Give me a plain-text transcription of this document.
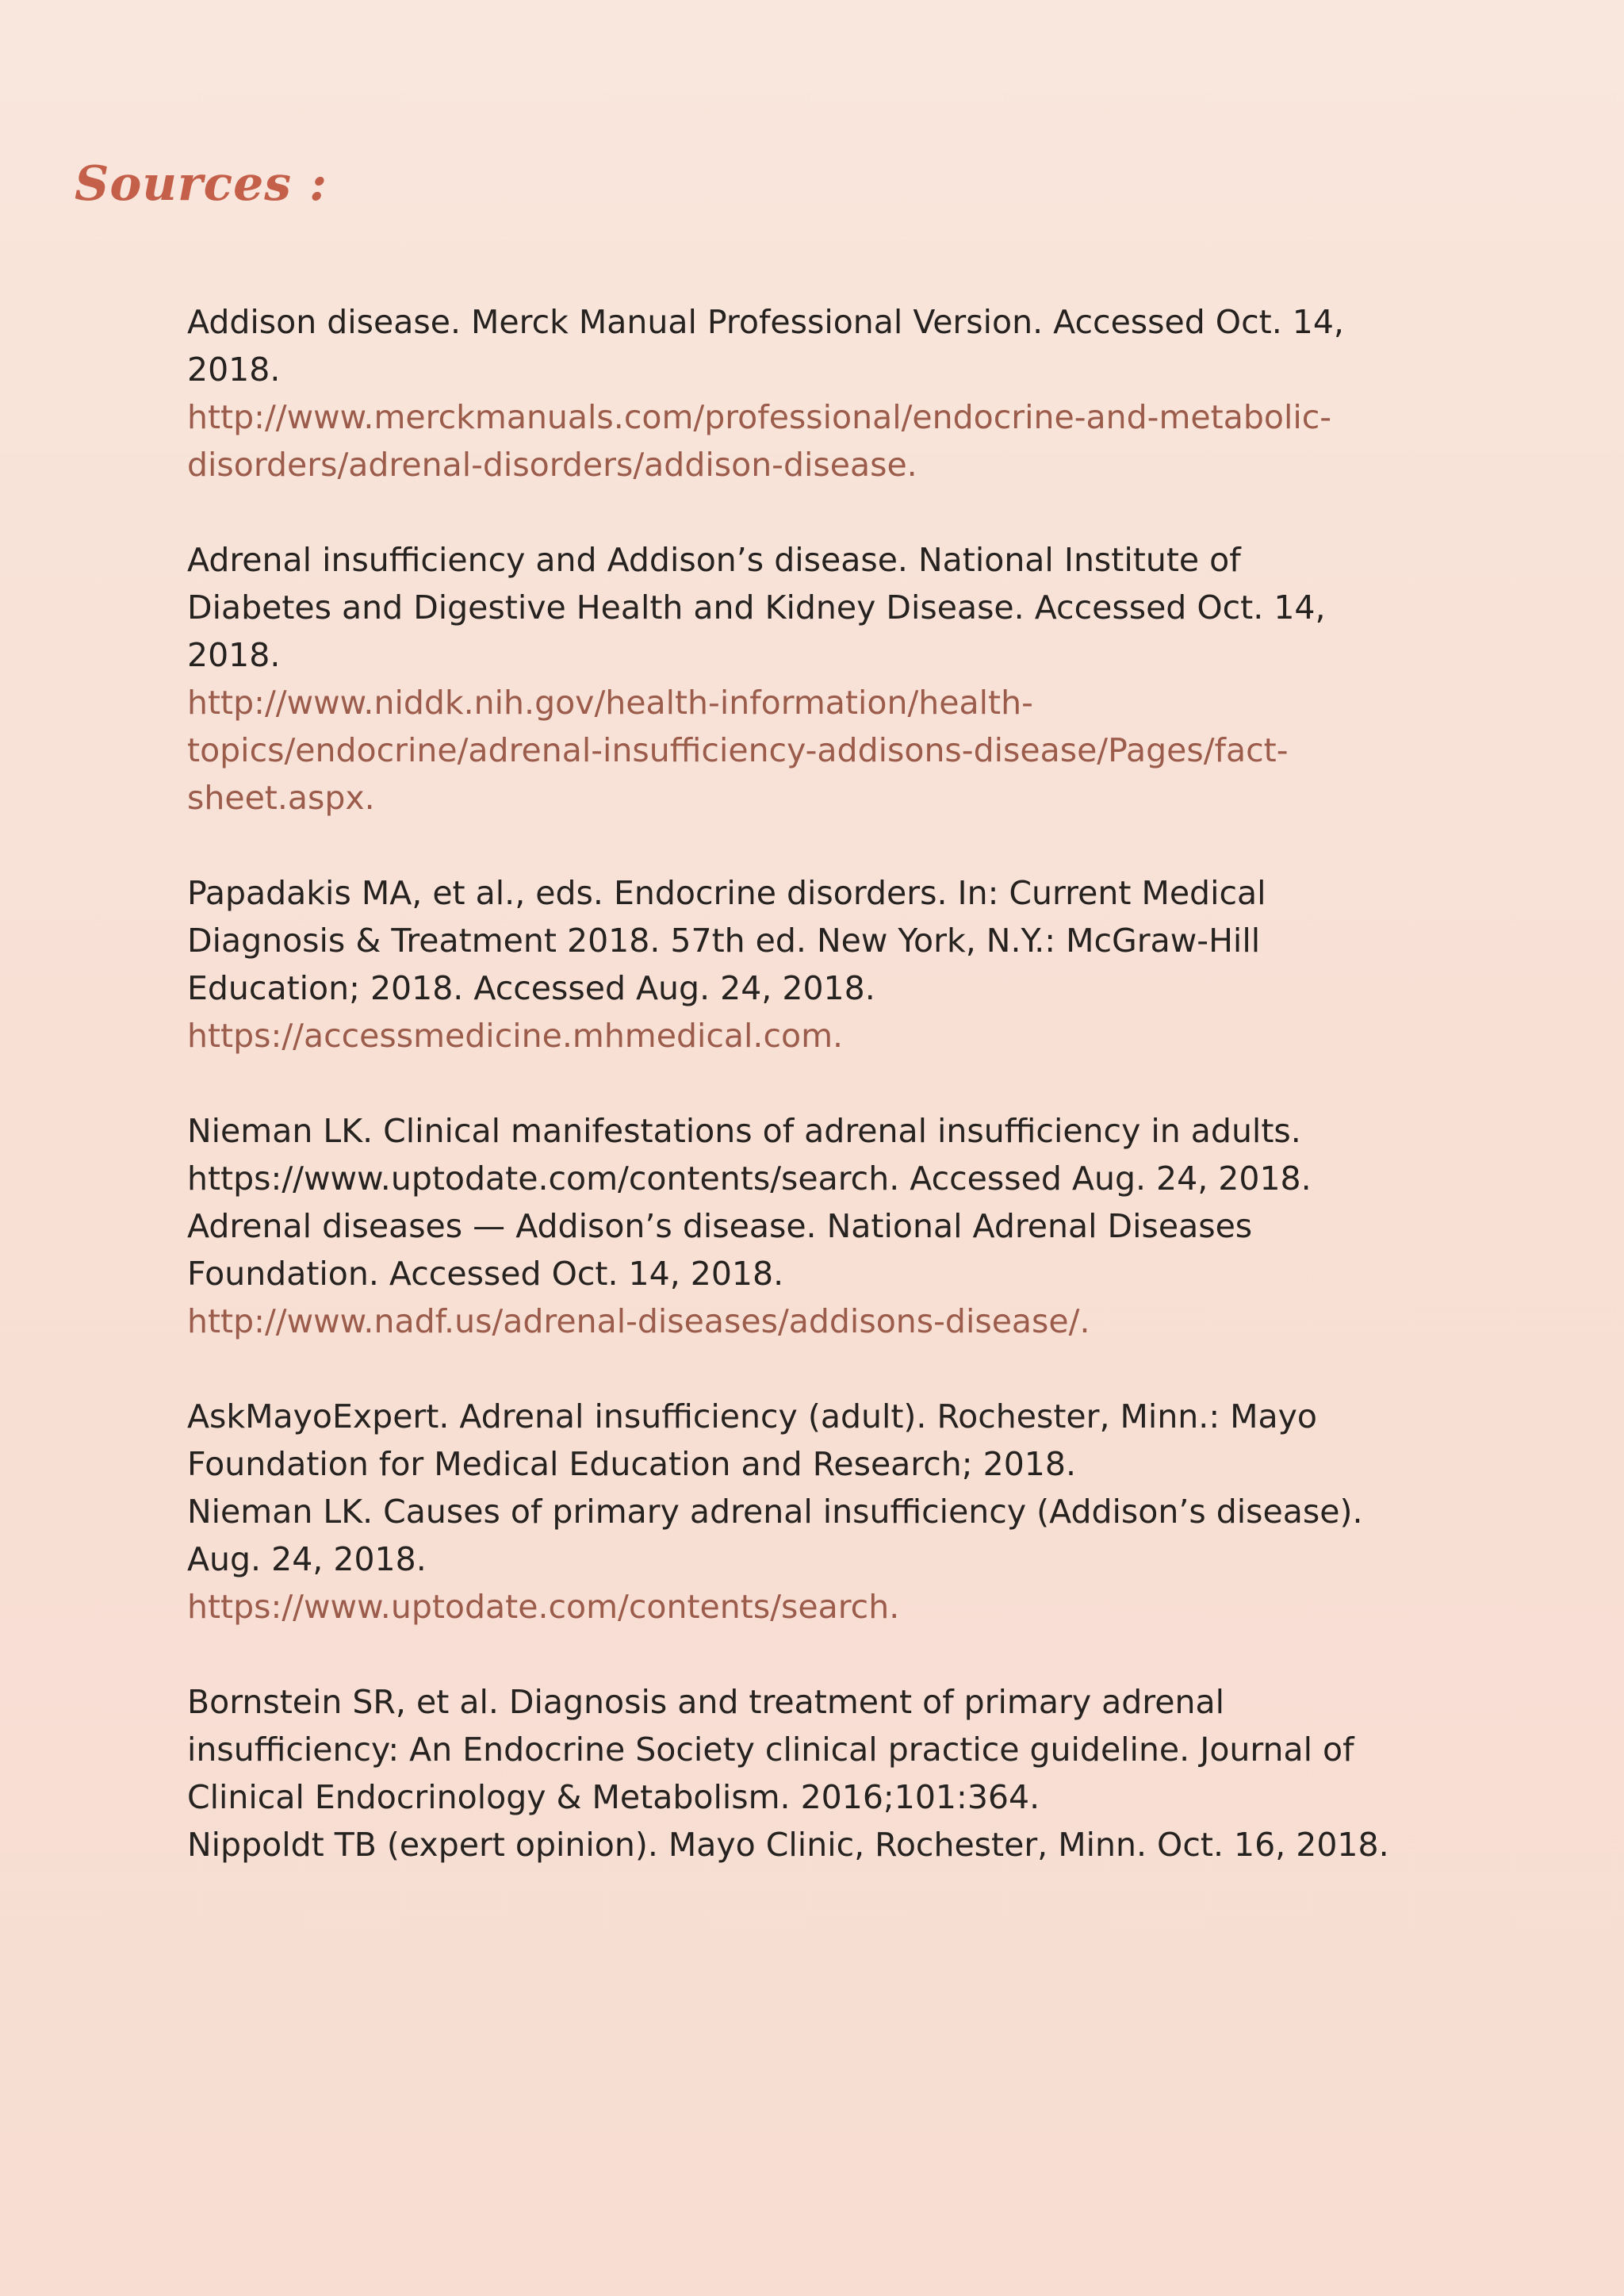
Sources :
Addison disease. Merck Manual Professional Version. Accessed Oct. 14,
2018.
http://www.merckmanuals.com/professional/endocrine-and-metabolic-
disorders/adrenal-disorders/addison-disease.
Adrenal insufficiency and Addison’s disease. National Institute of
Diabetes and Digestive Health and Kidney Disease. Accessed Oct. 14,
2018.
http://www.niddk.nih.gov/health-information/health-
topics/endocrine/adrenal-insufficiency-addisons-disease/Pages/fact-
sheet.aspx.
Papadakis MA, et al., eds. Endocrine disorders. In: Current Medical
Diagnosis & Treatment 2018. 57th ed. New York, N.Y.: McGraw-Hill
Education; 2018. Accessed Aug. 24, 2018.
https://accessmedicine.mhmedical.com.
Nieman LK. Clinical manifestations of adrenal insufficiency in adults.
https://www.uptodate.com/contents/search. Accessed Aug. 24, 2018.
Adrenal diseases — Addison’s disease. National Adrenal Diseases
Foundation. Accessed Oct. 14, 2018.
http://www.nadf.us/adrenal-diseases/addisons-disease/.
AskMayoExpert. Adrenal insufficiency (adult). Rochester, Minn.: Mayo
Foundation for Medical Education and Research; 2018.
Nieman LK. Causes of primary adrenal insufficiency (Addison’s disease).
Aug. 24, 2018.
https://www.uptodate.com/contents/search.
Bornstein SR, et al. Diagnosis and treatment of primary adrenal
insufficiency: An Endocrine Society clinical practice guideline. Journal of
Clinical Endocrinology & Metabolism. 2016;101:364.
Nippoldt TB (expert opinion). Mayo Clinic, Rochester, Minn. Oct. 16, 2018.
